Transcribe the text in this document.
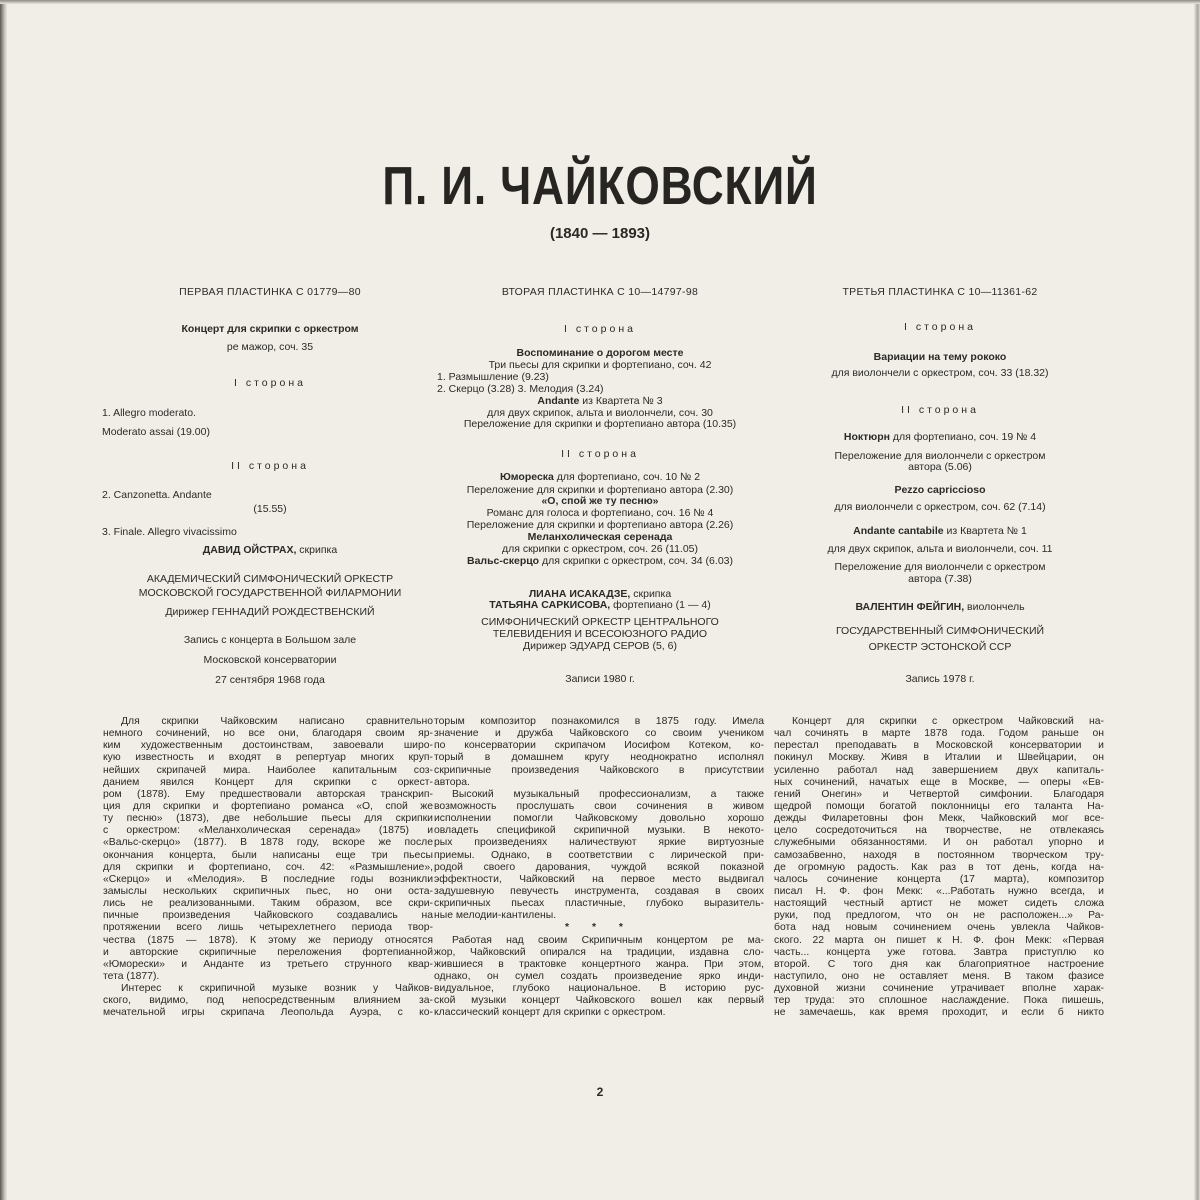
П. И. ЧАЙКОВСКИЙ
(1840 — 1893)
ПЕРВАЯ ПЛАСТИНКА С 01779—80
Концерт для скрипки с оркестром
ре мажор, соч. 35
I сторона
1. Allegro moderato.
Moderato assai (19.00)
II сторона
2. Canzonetta. Andante
(15.55)
3. Finale. Allegro vivacissimo
ДАВИД ОЙСТРАХ, скрипка
АКАДЕМИЧЕСКИЙ СИМФОНИЧЕСКИЙ ОРКЕСТР
МОСКОВСКОЙ ГОСУДАРСТВЕННОЙ ФИЛАРМОНИИ
Дирижер ГЕННАДИЙ РОЖДЕСТВЕНСКИЙ
Запись с концерта в Большом зале
Московской консерватории
27 сентября 1968 года
ВТОРАЯ ПЛАСТИНКА С 10—14797-98
I сторона
Воспоминание о дорогом месте
Три пьесы для скрипки и фортепиано, соч. 42
1. Размышление (9.23)
2. Скерцо (3.28) 3. Мелодия (3.24)
Andante из Квартета № 3
для двух скрипок, альта и виолончели, соч. 30
Переложение для скрипки и фортепиано автора (10.35)
II сторона
Юмореска для фортепиано, соч. 10 № 2
Переложение для скрипки и фортепиано автора (2.30)
«О, спой же ту песню»
Романс для голоса и фортепиано, соч. 16 № 4
Переложение для скрипки и фортепиано автора (2.26)
Меланхолическая серенада
для скрипки с оркестром, соч. 26 (11.05)
Вальс-скерцо для скрипки с оркестром, соч. 34 (6.03)
ЛИАНА ИСАКАДЗЕ, скрипка
ТАТЬЯНА САРКИСОВА, фортепиано (1 — 4)
СИМФОНИЧЕСКИЙ ОРКЕСТР ЦЕНТРАЛЬНОГО
ТЕЛЕВИДЕНИЯ И ВСЕСОЮЗНОГО РАДИО
Дирижер ЭДУАРД СЕРОВ (5, 6)
Записи 1980 г.
ТРЕТЬЯ ПЛАСТИНКА С 10—11361-62
I сторона
Вариации на тему рококо
для виолончели с оркестром, соч. 33 (18.32)
II сторона
Ноктюрн для фортепиано, соч. 19 № 4
Переложение для виолончели с оркестром
автора (5.06)
Pezzo capriccioso
для виолончели с оркестром, соч. 62 (7.14)
Andante cantabile из Квартета № 1
для двух скрипок, альта и виолончели, соч. 11
Переложение для виолончели с оркестром
автора (7.38)
ВАЛЕНТИН ФЕЙГИН, виолончель
ГОСУДАРСТВЕННЫЙ СИМФОНИЧЕСКИЙ
ОРКЕСТР ЭСТОНСКОЙ ССР
Запись 1978 г.
Для скрипки Чайковским написано сравнительно
немного сочинений, но все они, благодаря своим яр-
ким художественным достоинствам, завоевали широ-
кую известность и входят в репертуар многих круп-
нейших скрипачей мира. Наиболее капитальным соз-
данием явился Концерт для скрипки с оркест-
ром (1878). Ему предшествовали авторская транскрип-
ция для скрипки и фортепиано романса «О, спой же
ту песню» (1873), две небольшие пьесы для скрипки
с оркестром: «Меланхолическая серенада» (1875) и
«Вальс-скерцо» (1877). В 1878 году, вскоре же после
окончания концерта, были написаны еще три пьесы
для скрипки и фортепиано, соч. 42: «Размышление»,
«Скерцо» и «Мелодия». В последние годы возникли
замыслы нескольких скрипичных пьес, но они оста-
лись не реализованными. Таким образом, все скри-
пичные произведения Чайковского создавались на
протяжении всего лишь четырехлетнего периода твор-
чества (1875 — 1878). К этому же периоду относятся
и авторские скрипичные переложения фортепианной
«Юморески» и Анданте из третьего струнного квар-
тета (1877).
Интерес к скрипичной музыке возник у Чайков-
ского, видимо, под непосредственным влиянием за-
мечательной игры скрипача Леопольда Ауэра, с ко-
торым композитор познакомился в 1875 году. Имела
значение и дружба Чайковского со своим учеником
по консерватории скрипачом Иосифом Котеком, ко-
торый в домашнем кругу неоднократно исполнял
скрипичные произведения Чайковского в присутствии
автора.
Высокий музыкальный профессионализм, а также
возможность прослушать свои сочинения в живом
исполнении помогли Чайковскому довольно хорошо
овладеть спецификой скрипичной музыки. В некото-
рых произведениях наличествуют яркие виртуозные
приемы. Однако, в соответствии с лирической при-
родой своего дарования, чуждой всякой показной
эффектности, Чайковский на первое место выдвигал
задушевную певучесть инструмента, создавая в своих
скрипичных пьесах пластичные, глубоко выразитель-
ные мелодии-кантилены.
* * *
Работая над своим Скрипичным концертом ре ма-
жор, Чайковский опирался на традиции, издавна сло-
жившиеся в трактовке концертного жанра. При этом,
однако, он сумел создать произведение ярко инди-
видуальное, глубоко национальное. В историю рус-
ской музыки концерт Чайковского вошел как первый
классический концерт для скрипки с оркестром.
Концерт для скрипки с оркестром Чайковский на-
чал сочинять в марте 1878 года. Годом раньше он
перестал преподавать в Московской консерватории и
покинул Москву. Живя в Италии и Швейцарии, он
усиленно работал над завершением двух капиталь-
ных сочинений, начатых еще в Москве, — оперы «Ев-
гений Онегин» и Четвертой симфонии. Благодаря
щедрой помощи богатой поклонницы его таланта На-
дежды Филаретовны фон Мекк, Чайковский мог все-
цело сосредоточиться на творчестве, не отвлекаясь
служебными обязанностями. И он работал упорно и
самозабвенно, находя в постоянном творческом тру-
де огромную радость. Как раз в тот день, когда на-
чалось сочинение концерта (17 марта), композитор
писал Н. Ф. фон Мекк: «...Работать нужно всегда, и
настоящий честный артист не может сидеть сложа
руки, под предлогом, что он не расположен...» Ра-
бота над новым сочинением очень увлекла Чайков-
ского. 22 марта он пишет к Н. Ф. фон Мекк: «Первая
часть... концерта уже готова. Завтра приступлю ко
второй. С того дня как благоприятное настроение
наступило, оно не оставляет меня. В таком фазисе
духовной жизни сочинение утрачивает вполне харак-
тер труда: это сплошное наслаждение. Пока пишешь,
не замечаешь, как время проходит, и если б никто
2
